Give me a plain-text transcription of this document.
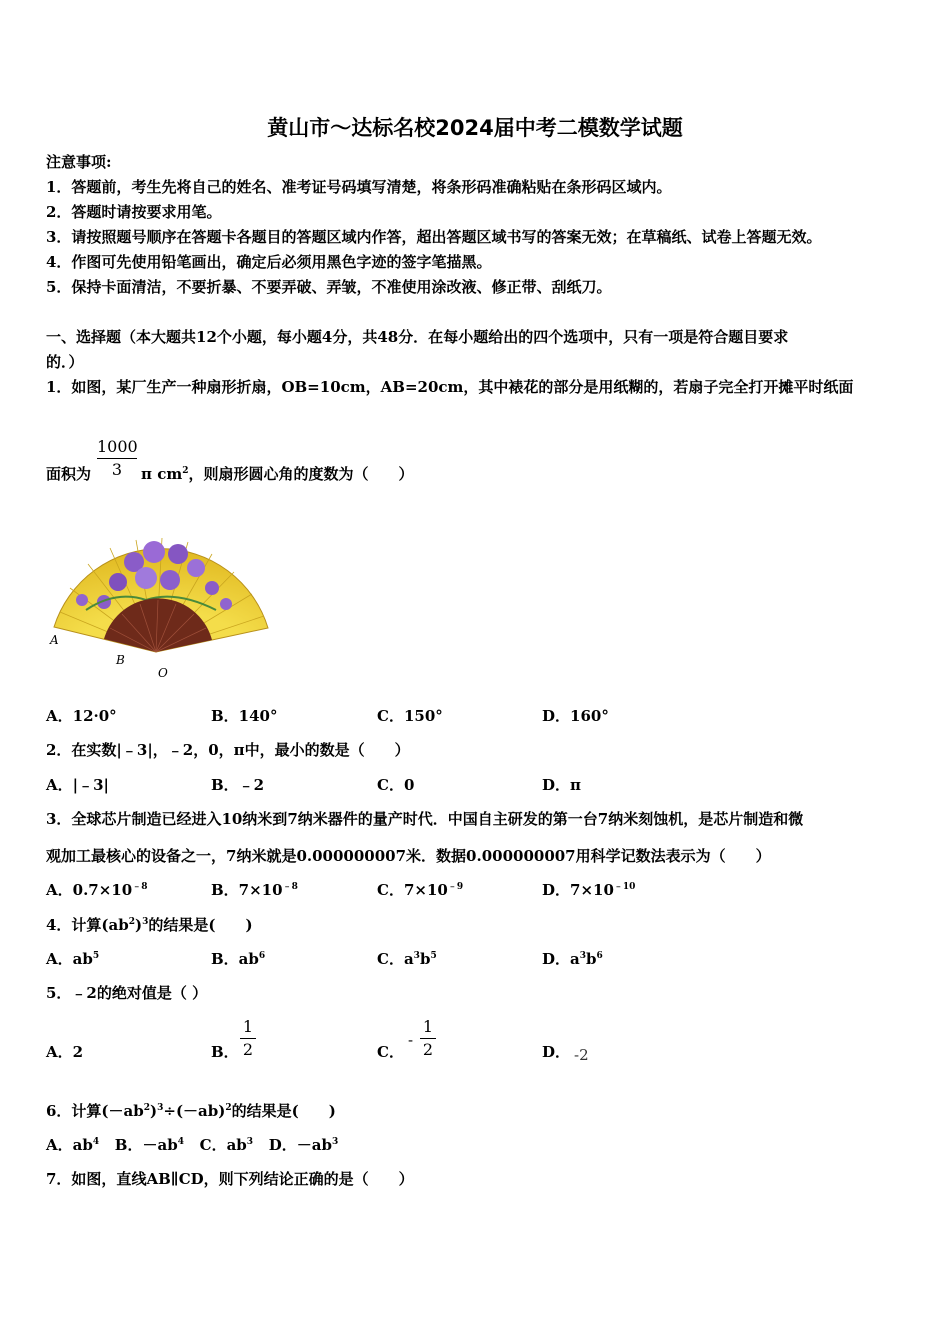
黄山市～达标名校2024届中考二模数学试题
注意事项:
1．答题前，考生先将自己的姓名、准考证号码填写清楚，将条形码准确粘贴在条形码区域内。
2．答题时请按要求用笔。
3．请按照题号顺序在答题卡各题目的答题区域内作答，超出答题区域书写的答案无效；在草稿纸、试卷上答题无效。
4．作图可先使用铅笔画出，确定后必须用黑色字迹的签字笔描黑。
5．保持卡面清洁，不要折暴、不要弄破、弄皱，不准使用涂改液、修正带、刮纸刀。
一、选择题（本大题共12个小题，每小题4分，共48分．在每小题给出的四个选项中，只有一项是符合题目要求
的．）
1．如图，某厂生产一种扇形折扇，OB=10cm，AB=20cm，其中裱花的部分是用纸糊的，若扇子完全打开摊平时纸面
面积为
1000
3	π $cm^2$，则扇形圆心角的度数为（　　）
A
B
O
A．12·0°	B．140°	C．150°	D．160°
2．在实数|﹣3|，﹣2，0，π中，最小的数是（　　）
A．|﹣3|	B．﹣2	C．0	D．π
3．全球芯片制造已经进入10纳米到7纳米器件的量产时代．中国自主研发的第一台7纳米刻蚀机，是芯片制造和微
观加工最核心的设备之一，7纳米就是0.000000007米．数据0.000000007用科学记数法表示为（　　）
A．$0.7\times 10^{﹣8}$	B．$7\times 10^{﹣8}$	C．$7\times 10^{﹣9}$	D．$7\times 10^{﹣10}$
4．计算$(ab^2)^3$的结果是(　　)
A．$ab^5$	B．$ab^6$	C．$a^3b^5$	D．$a^3b^6$
5．﹣2的绝对值是（ ）
A．2	B．
1
2	C．
-
1
2	D． -2
6．计算$(-ab^2)^3\div(-ab)^2$的结果是(　　)
A．$ab^4$ B．$-ab^4$ C．$ab^3$ D．$-ab^3$
7．如图，直线AB∥CD，则下列结论正确的是（　　）
